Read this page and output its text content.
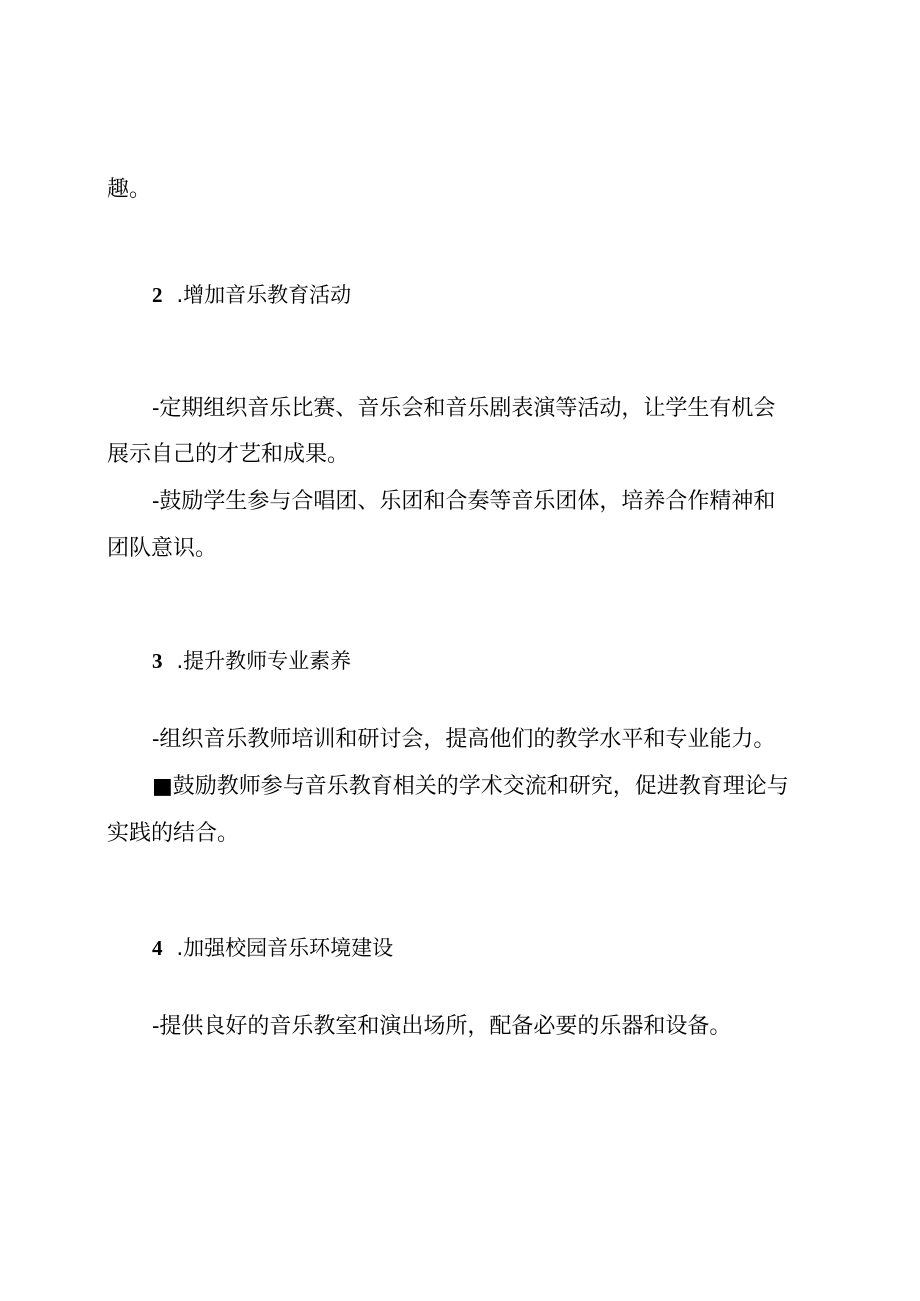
趣。
2 .增加音乐教育活动
-定期组织音乐比赛、音乐会和音乐剧表演等活动，让学生有机会
展示自己的才艺和成果。
-鼓励学生参与合唱团、乐团和合奏等音乐团体，培养合作精神和
团队意识。
3 .提升教师专业素养
-组织音乐教师培训和研讨会，提高他们的教学水平和专业能力。
■鼓励教师参与音乐教育相关的学术交流和研究，促进教育理论与
实践的结合。
4 .加强校园音乐环境建设
-提供良好的音乐教室和演出场所，配备必要的乐器和设备。
